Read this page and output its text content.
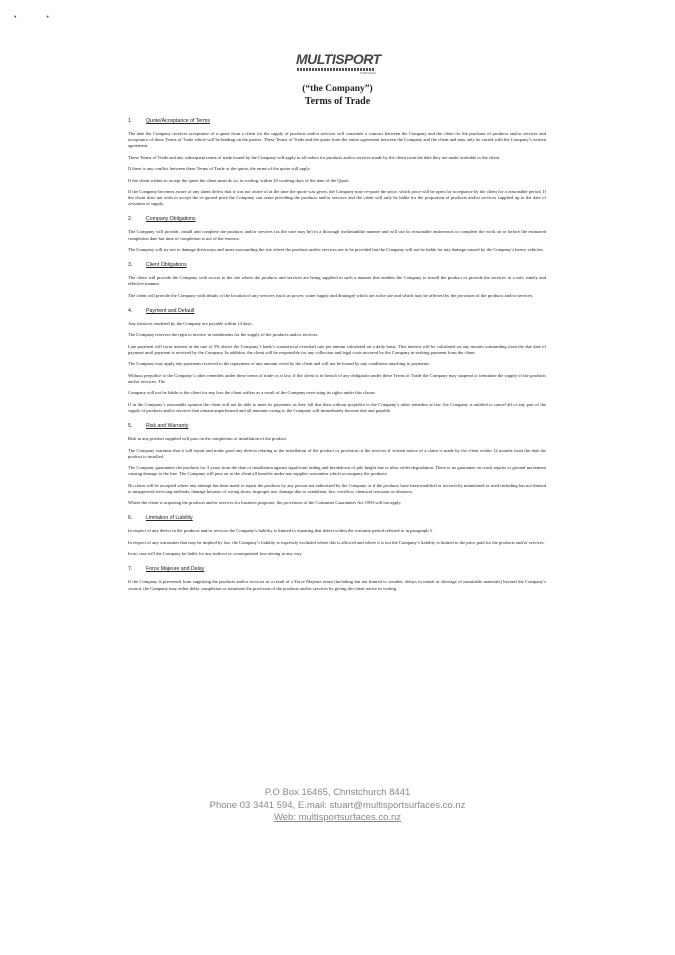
• •
MULTISPORT
SURFACES
(“the Company”)
Terms of Trade
1.	Quote/Acceptance of Terms

The date the Company receives acceptance of a quote from a client for the supply of products and/or services will constitute a contract between the Company and the client for the purchase of products and/or services and acceptance of these Terms of Trade which will be binding on the parties. These Terms of Trade and the quote form the entire agreement between the Company and the client and may only be varied with the Company’s written agreement.

These Terms of Trade and any subsequent terms of trade issued by the Company will apply to all orders for products and/or services made by the client from the date they are made available to the client.

If there is any conflict between these Terms of Trade or the quote, the terms of the quote will apply.

If the client wishes to accept the quote the client must do so, in writing, within 20 working days of the date of the Quote.

If the Company becomes aware of any latent defect that it was not aware of at the time the quote was given, the Company may re-quote the price, which price will be open for acceptance by the client for a reasonable period. If the client does not wish to accept the re-quoted price the Company can cease providing the products and/or services and the client will only be liable for the proportion of products and/or services supplied up to the date of cessation of supply.

2.	Company Obligations

The Company will provide, install and complete the products and/or services (as the case may be) in a thorough workmanlike manner and will use its reasonable endeavours to complete the work on or before the estimated completion date but time of completion is not of the essence.

The Company will try not to damage driveways and areas surrounding the site where the products and/or services are to be provided but the Company will not be liable for any damage caused by the Company’s heavy vehicles.

3.	Client Obligations

The client will provide the Company with access to the site where the products and services are being supplied in such a manner that enables the Company to install the product or provide the services in a safe, timely and effective manner.

The client will provide the Company with details of the location of any services (such as power, water supply and drainage) which are at the site and which may be affected by the provision of the products and/or services.

4.	Payment and Default

Any invoices rendered by the Company are payable within 14 days.

The Company reserves the right to invoice in instalments for the supply of the products and/or services.

Late payment will incur interest at the rate of 5% above the Company’s bank’s commercial overdraft rate per annum calculated on a daily basis. This interest will be calculated on any monies outstanding from the due date of payment until payment is received by the Company. In addition, the client will be responsible for any collection and legal costs incurred by the Company in seeking payment from the client.

The Company may apply any payments received to the repayment of any amount owed by the client and will not be bound by any conditions attaching to payments.

Without prejudice to the Company’s other remedies under these terms of trade or at law, if the client is in breach of any obligation under these Terms of Trade the Company may suspend or terminate the supply of the products and/or services. The

Company will not be liable to the client for any loss the client suffers as a result of the Company exercising its rights under this clause.

If in the Company’s reasonable opinion the client will not be able to meet its payments as they fall due then without prejudice to the Company’s other remedies at law, the Company is entitled to cancel all or any part of the supply of products and/or services that remain unperformed and all amounts owing to the Company will immediately become due and payable.

5.	Risk and Warranty

Risk in any product supplied will pass on the completion of installation of the product.

The Company warrants that it will repair and make good any defects relating to the installation of the product or provision of the services if written notice of a claim is made by the client within 12 months from the date the product is installed.

The Company guarantees the products for 3 years from the date of installation against significant fading and breakdown of pile height due to ultra violet degradation. There is no guarantee on crack repairs or ground movement causing damage to the line. The Company will pass on to the client all benefits under any supplier warranties which accompany the products.

No claim will be accepted where any attempt has been made to repair the products by any person not authorised by the Company or if the products have been modified or incorrectly maintained or used including but not limited to unapproved servicing methods, damage because of wrong shoes, improper use, damage due to vandalism, fire, overflow, chemical reactions or disasters.

Where the client is acquiring the products and/or services for business purposes, the provisions of the Consumer Guarantees Act 1993 will not apply.

6.	Limitation of Liability

In respect of any defect in the products and/or services the Company’s liability is limited to repairing that defect within the warranty period referred to in paragraph 5.

In respect of any warranties that may be implied by law, the Company’s liability is expressly excluded where this is allowed and where it is not the Company’s liability is limited to the price paid for the products and/or services.

In no case will the Company be liable for any indirect or consequential loss arising in any way.

7.	Force Majeure and Delay

If the Company is prevented from supplying the products and/or services as a result of a Force Majeure event (including but not limited to weather, delays in transit or shortage of unsuitable materials) beyond the Company’s control, the Company may either delay completion or terminate the provision of the products and/or services by giving the client notice in writing.

P.O Box 16465, Christchurch 8441
Phone 03 3441 594, E.mail: stuart@multisportsurfaces.co.nz
Web: multisportsurfaces.co.nz
